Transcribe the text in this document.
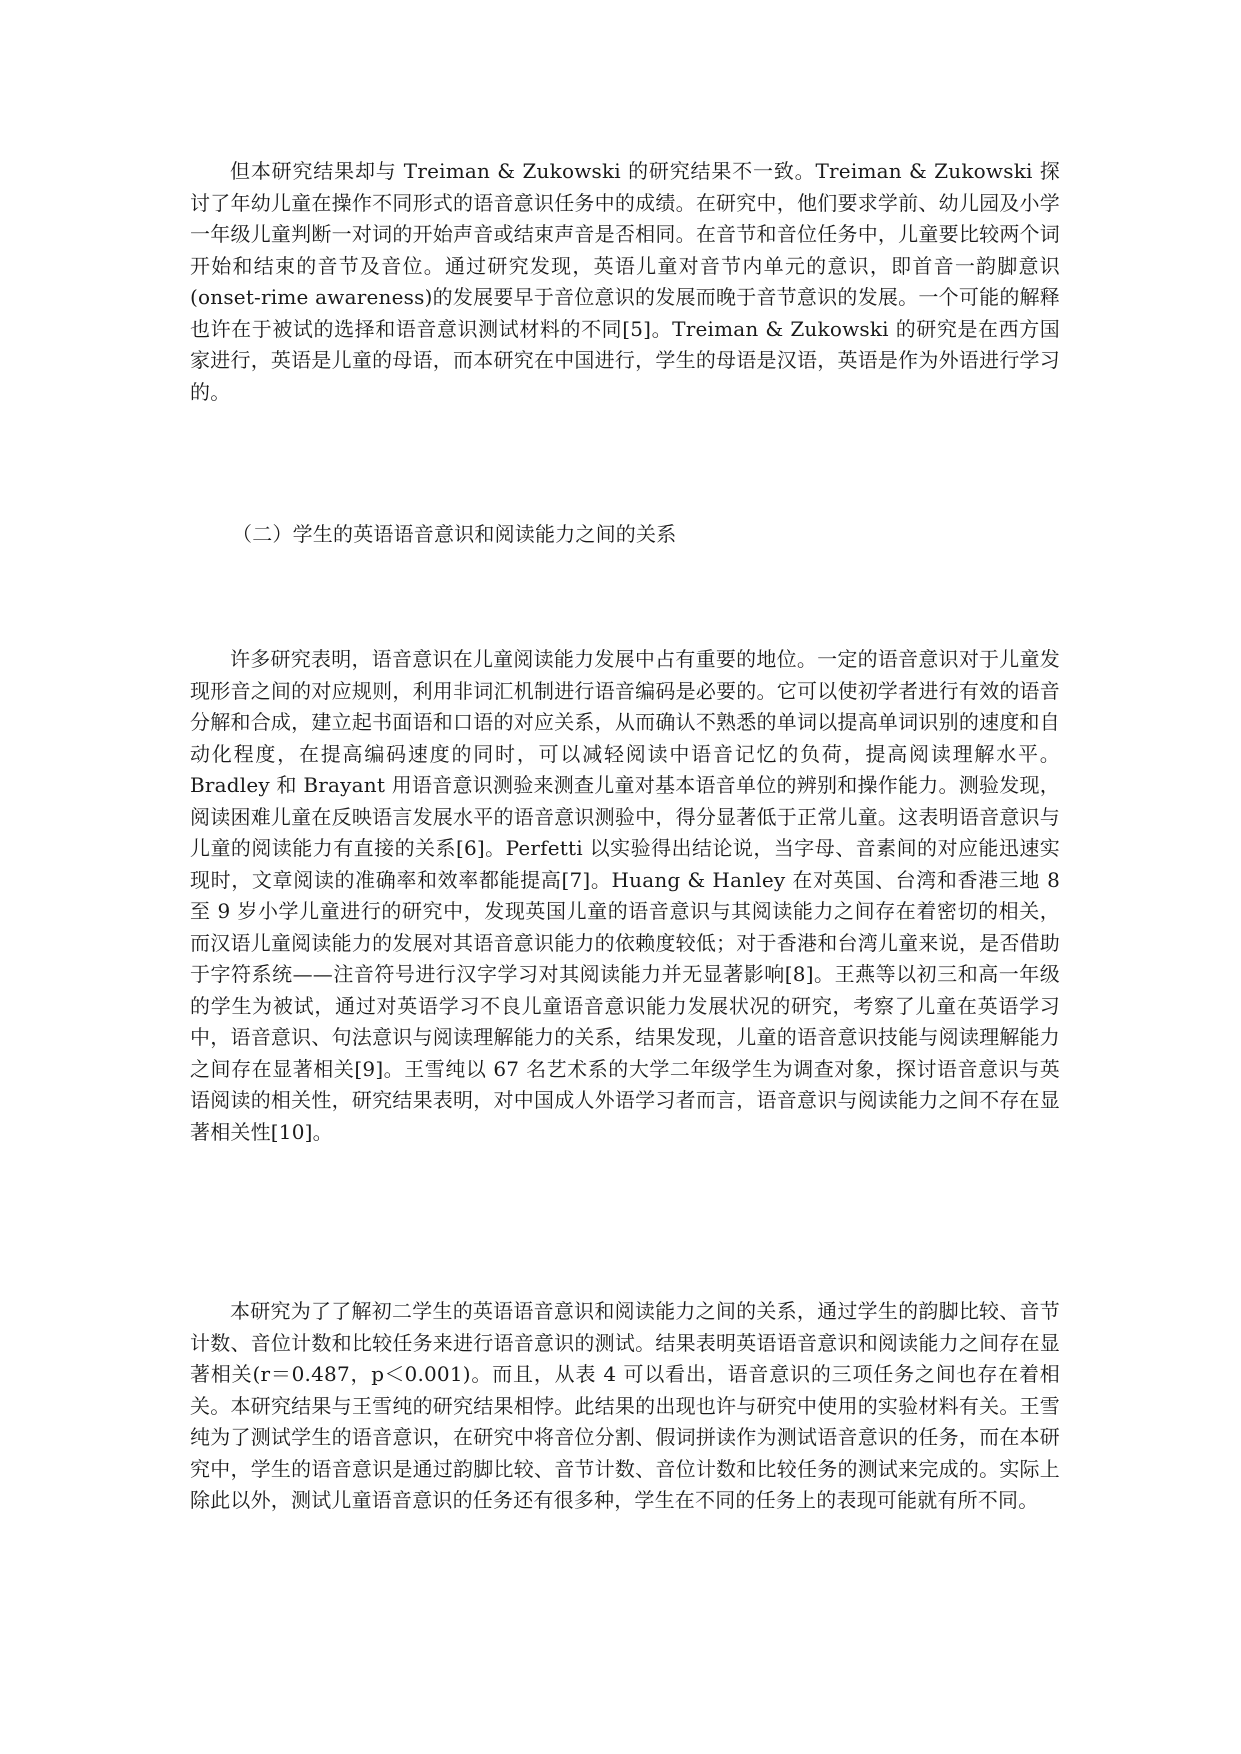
但本研究结果却与 Treiman & Zukowski 的研究结果不一致。Treiman & Zukowski 探讨了年幼儿童在操作不同形式的语音意识任务中的成绩。在研究中，他们要求学前、幼儿园及小学一年级儿童判断一对词的开始声音或结束声音是否相同。在音节和音位任务中，儿童要比较两个词开始和结束的音节及音位。通过研究发现，英语儿童对音节内单元的意识，即首音一韵脚意识(onset-rime awareness)的发展要早于音位意识的发展而晚于音节意识的发展。一个可能的解释也许在于被试的选择和语音意识测试材料的不同[5]。Treiman & Zukowski 的研究是在西方国家进行，英语是儿童的母语，而本研究在中国进行，学生的母语是汉语，英语是作为外语进行学习的。

（二）学生的英语语音意识和阅读能力之间的关系

许多研究表明，语音意识在儿童阅读能力发展中占有重要的地位。一定的语音意识对于儿童发现形音之间的对应规则，利用非词汇机制进行语音编码是必要的。它可以使初学者进行有效的语音分解和合成，建立起书面语和口语的对应关系，从而确认不熟悉的单词以提高单词识别的速度和自动化程度，在提高编码速度的同时，可以减轻阅读中语音记忆的负荷，提高阅读理解水平。Bradley 和 Brayant 用语音意识测验来测查儿童对基本语音单位的辨别和操作能力。测验发现，阅读困难儿童在反映语言发展水平的语音意识测验中，得分显著低于正常儿童。这表明语音意识与儿童的阅读能力有直接的关系[6]。Perfetti 以实验得出结论说，当字母、音素间的对应能迅速实现时，文章阅读的准确率和效率都能提高[7]。Huang & Hanley 在对英国、台湾和香港三地 8 至 9 岁小学儿童进行的研究中，发现英国儿童的语音意识与其阅读能力之间存在着密切的相关，而汉语儿童阅读能力的发展对其语音意识能力的依赖度较低；对于香港和台湾儿童来说，是否借助于字符系统——注音符号进行汉字学习对其阅读能力并无显著影响[8]。王燕等以初三和高一年级的学生为被试，通过对英语学习不良儿童语音意识能力发展状况的研究，考察了儿童在英语学习中，语音意识、句法意识与阅读理解能力的关系，结果发现，儿童的语音意识技能与阅读理解能力之间存在显著相关[9]。王雪纯以 67 名艺术系的大学二年级学生为调查对象，探讨语音意识与英语阅读的相关性，研究结果表明，对中国成人外语学习者而言，语音意识与阅读能力之间不存在显著相关性[10]。

本研究为了了解初二学生的英语语音意识和阅读能力之间的关系，通过学生的韵脚比较、音节计数、音位计数和比较任务来进行语音意识的测试。结果表明英语语音意识和阅读能力之间存在显著相关(r＝0.487，p＜0.001)。而且，从表 4 可以看出，语音意识的三项任务之间也存在着相关。本研究结果与王雪纯的研究结果相悖。此结果的出现也许与研究中使用的实验材料有关。王雪纯为了测试学生的语音意识，在研究中将音位分割、假词拼读作为测试语音意识的任务，而在本研究中，学生的语音意识是通过韵脚比较、音节计数、音位计数和比较任务的测试来完成的。实际上除此以外，测试儿童语音意识的任务还有很多种，学生在不同的任务上的表现可能就有所不同。
